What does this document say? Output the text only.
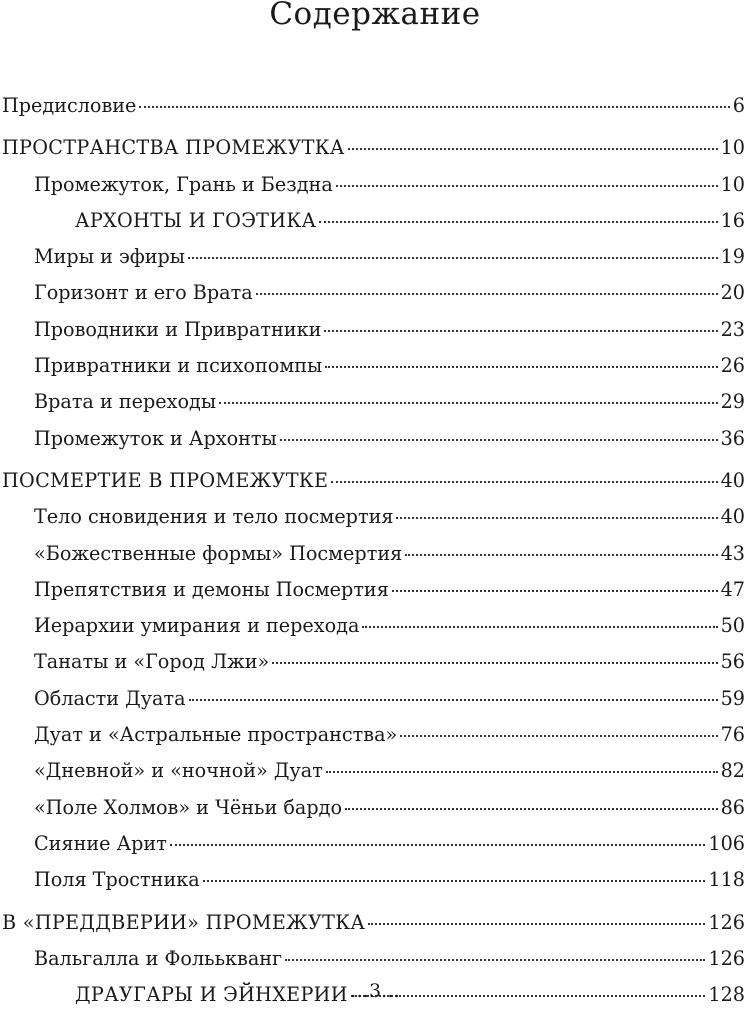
Содержание
Предисловие	6
ПРОСТРАНСТВА ПРОМЕЖУТКА	10
Промежуток, Грань и Бездна	10
АРХОНТЫ И ГОЭТИКА	16
Миры и эфиры	19
Горизонт и его Врата	20
Проводники и Привратники	23
Привратники и психопомпы	26
Врата и переходы	29
Промежуток и Архонты	36
ПОСМЕРТИЕ В ПРОМЕЖУТКЕ	40
Тело сновидения и тело посмертия	40
«Божественные формы» Посмертия	43
Препятствия и демоны Посмертия	47
Иерархии умирания и перехода	50
Танаты и «Город Лжи»	56
Области Дуата	59
Дуат и «Астральные пространства»	76
«Дневной» и «ночной» Дуат	82
«Поле Холмов» и Чёньи бардо	86
Сияние Арит	106
Поля Тростника	118
В «ПРЕДДВЕРИИ» ПРОМЕЖУТКА	126
Вальгалла и Фольькванг	126
ДРАУГАРЫ И ЭЙНХЕРИИ	128
…3…
